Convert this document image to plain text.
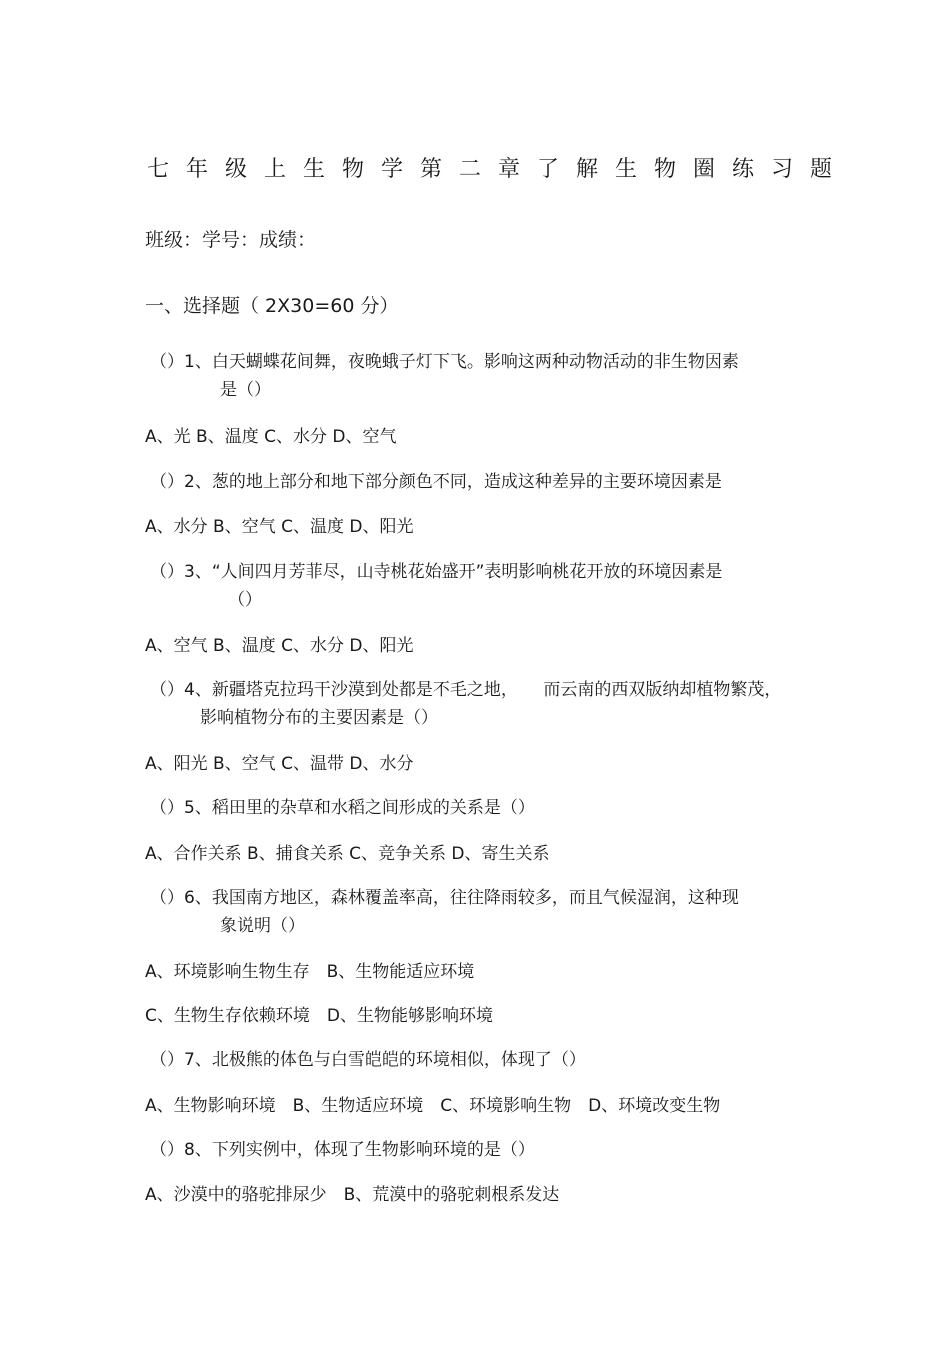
七年级上生物学第二章了解生物圈练习题
班级：学号：成绩：
一、选择题（ 2X30=60 分）
（）1、白天蝴蝶花间舞，夜晚蛾子灯下飞。影响这两种动物活动的非生物因素
是（）
A、光 B、温度 C、水分 D、空气
（）2、葱的地上部分和地下部分颜色不同，造成这种差异的主要环境因素是
A、水分 B、空气 C、温度 D、阳光
（）3、“人间四月芳菲尽，山寺桃花始盛开”表明影响桃花开放的环境因素是
（）
A、空气 B、温度 C、水分 D、阳光
（）4、新疆塔克拉玛干沙漠到处都是不毛之地，　　而云南的西双版纳却植物繁茂，
影响植物分布的主要因素是（）
A、阳光 B、空气 C、温带 D、水分
（）5、稻田里的杂草和水稻之间形成的关系是（）
A、合作关系 B、捕食关系 C、竞争关系 D、寄生关系
（）6、我国南方地区，森林覆盖率高，往往降雨较多，而且气候湿润，这种现
象说明（）
A、环境影响生物生存　B、生物能适应环境
C、生物生存依赖环境　D、生物能够影响环境
（）7、北极熊的体色与白雪皑皑的环境相似，体现了（）
A、生物影响环境　B、生物适应环境　C、环境影响生物　D、环境改变生物
（）8、下列实例中，体现了生物影响环境的是（）
A、沙漠中的骆驼排尿少　B、荒漠中的骆驼刺根系发达
